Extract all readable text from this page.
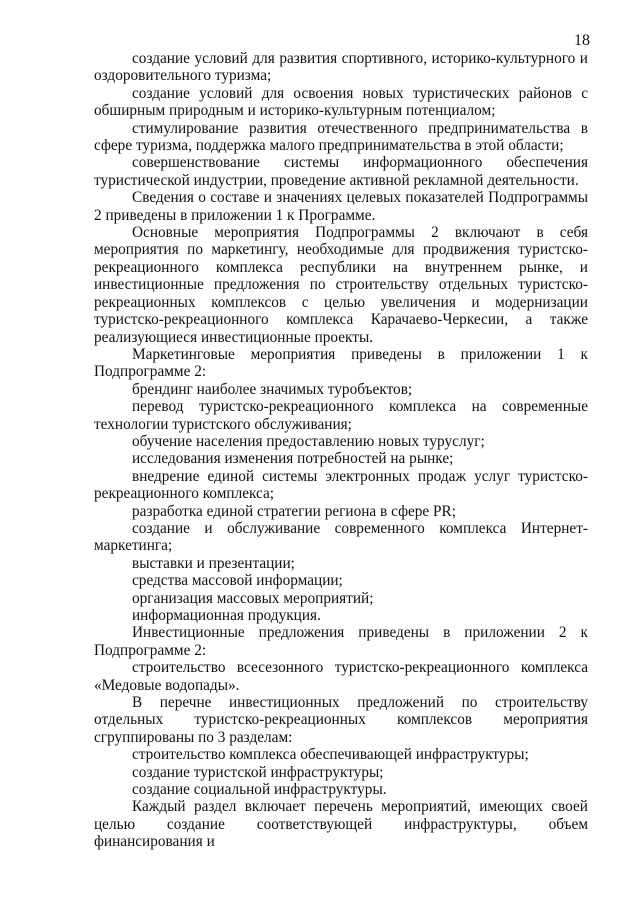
18

создание условий для развития спортивного, историко-культурного и оздоровительного туризма;

создание условий для освоения новых туристических районов с обширным природным и историко-культурным потенциалом;

стимулирование развития отечественного предпринимательства в сфере туризма, поддержка малого предпринимательства в этой области;

совершенствование системы информационного обеспечения туристической индустрии, проведение активной рекламной деятельности.

Сведения о составе и значениях целевых показателей Подпрограммы 2 приведены в приложении 1 к Программе.

Основные мероприятия Подпрограммы 2 включают в себя мероприятия по маркетингу, необходимые для продвижения туристско-рекреационного комплекса республики на внутреннем рынке, и инвестиционные предложения по строительству отдельных туристско-рекреационных комплексов с целью увеличения и модернизации туристско-рекреационного комплекса Карачаево-Черкесии, а также реализующиеся инвестиционные проекты.

Маркетинговые мероприятия приведены в приложении 1 к Подпрограмме 2:

брендинг наиболее значимых туробъектов;

перевод туристско-рекреационного комплекса на современные технологии туристского обслуживания;

обучение населения предоставлению новых туруслуг;

исследования изменения потребностей на рынке;

внедрение единой системы электронных продаж услуг туристско-рекреационного комплекса;

разработка единой стратегии региона в сфере PR;

создание и обслуживание современного комплекса Интернет-маркетинга;

выставки и презентации;

средства массовой информации;

организация массовых мероприятий;

информационная продукция.

Инвестиционные предложения приведены в приложении 2 к Подпрограмме 2:

строительство всесезонного туристско-рекреационного комплекса «Медовые водопады».

В перечне инвестиционных предложений по строительству отдельных туристско-рекреационных комплексов мероприятия сгруппированы по 3 разделам:

строительство комплекса обеспечивающей инфраструктуры;

создание туристской инфраструктуры;

создание социальной инфраструктуры.

Каждый раздел включает перечень мероприятий, имеющих своей целью создание соответствующей инфраструктуры, объем финансирования и
